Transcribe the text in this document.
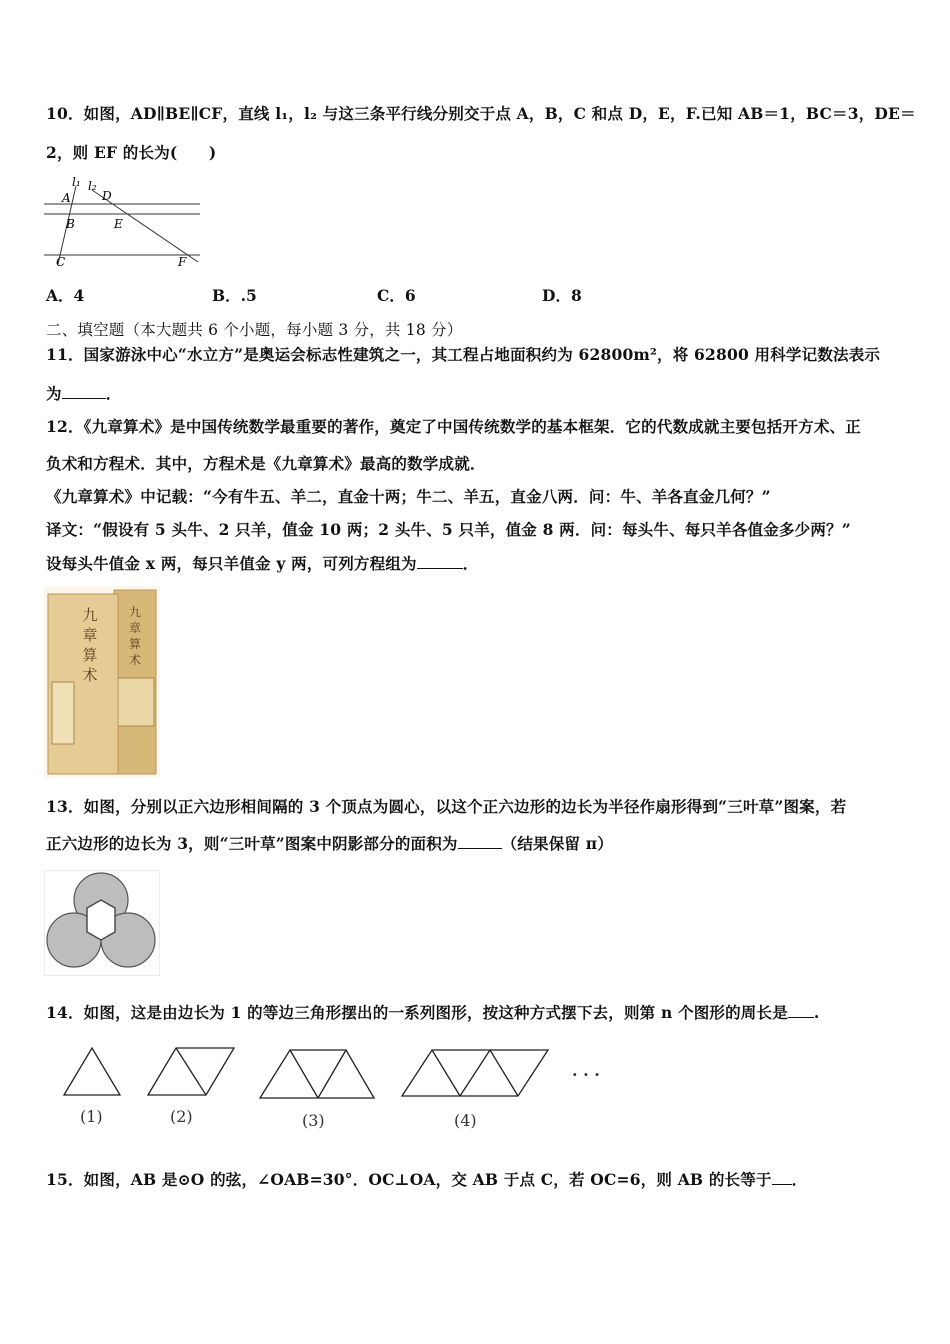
10．如图，AD∥BE∥CF，直线 l₁，l₂ 与这三条平行线分别交于点 A，B，C 和点 D，E，F.已知 AB＝1，BC＝3，DE＝
2，则 EF 的长为(　　)
l₁ l₂
A	D
B	E
C	F
A．4	B．.5	C．6	D．8
二、填空题（本大题共 6 个小题，每小题 3 分，共 18 分）
11．国家游泳中心“水立方”是奥运会标志性建筑之一，其工程占地面积约为 62800m²，将 62800 用科学记数法表示
为	．
12．《九章算术》是中国传统数学最重要的著作，奠定了中国传统数学的基本框架．它的代数成就主要包括开方术、正
负术和方程术．其中，方程术是《九章算术》最高的数学成就．
《九章算术》中记载：“今有牛五、羊二，直金十两；牛二、羊五，直金八两．问：牛、羊各直金几何？”
译文：“假设有 5 头牛、2 只羊，值金 10 两；2 头牛、5 只羊，值金 8 两．问：每头牛、每只羊各值金多少两？”
设每头牛值金 x 两，每只羊值金 y 两，可列方程组为	．
九
章
算
术
九
章
算
术
13．如图，分别以正六边形相间隔的 3 个顶点为圆心，以这个正六边形的边长为半径作扇形得到“三叶草”图案，若
正六边形的边长为 3，则“三叶草”图案中阴影部分的面积为	（结果保留 π）
14．如图，这是由边长为 1 的等边三角形摆出的一系列图形，按这种方式摆下去，则第 n 个图形的周长是 .
(1)	(2)	(3)	(4)
· · ·
15．如图，AB 是⊙O 的弦，∠OAB=30°．OC⊥OA，交 AB 于点 C，若 OC=6，则 AB 的长等于 ．
